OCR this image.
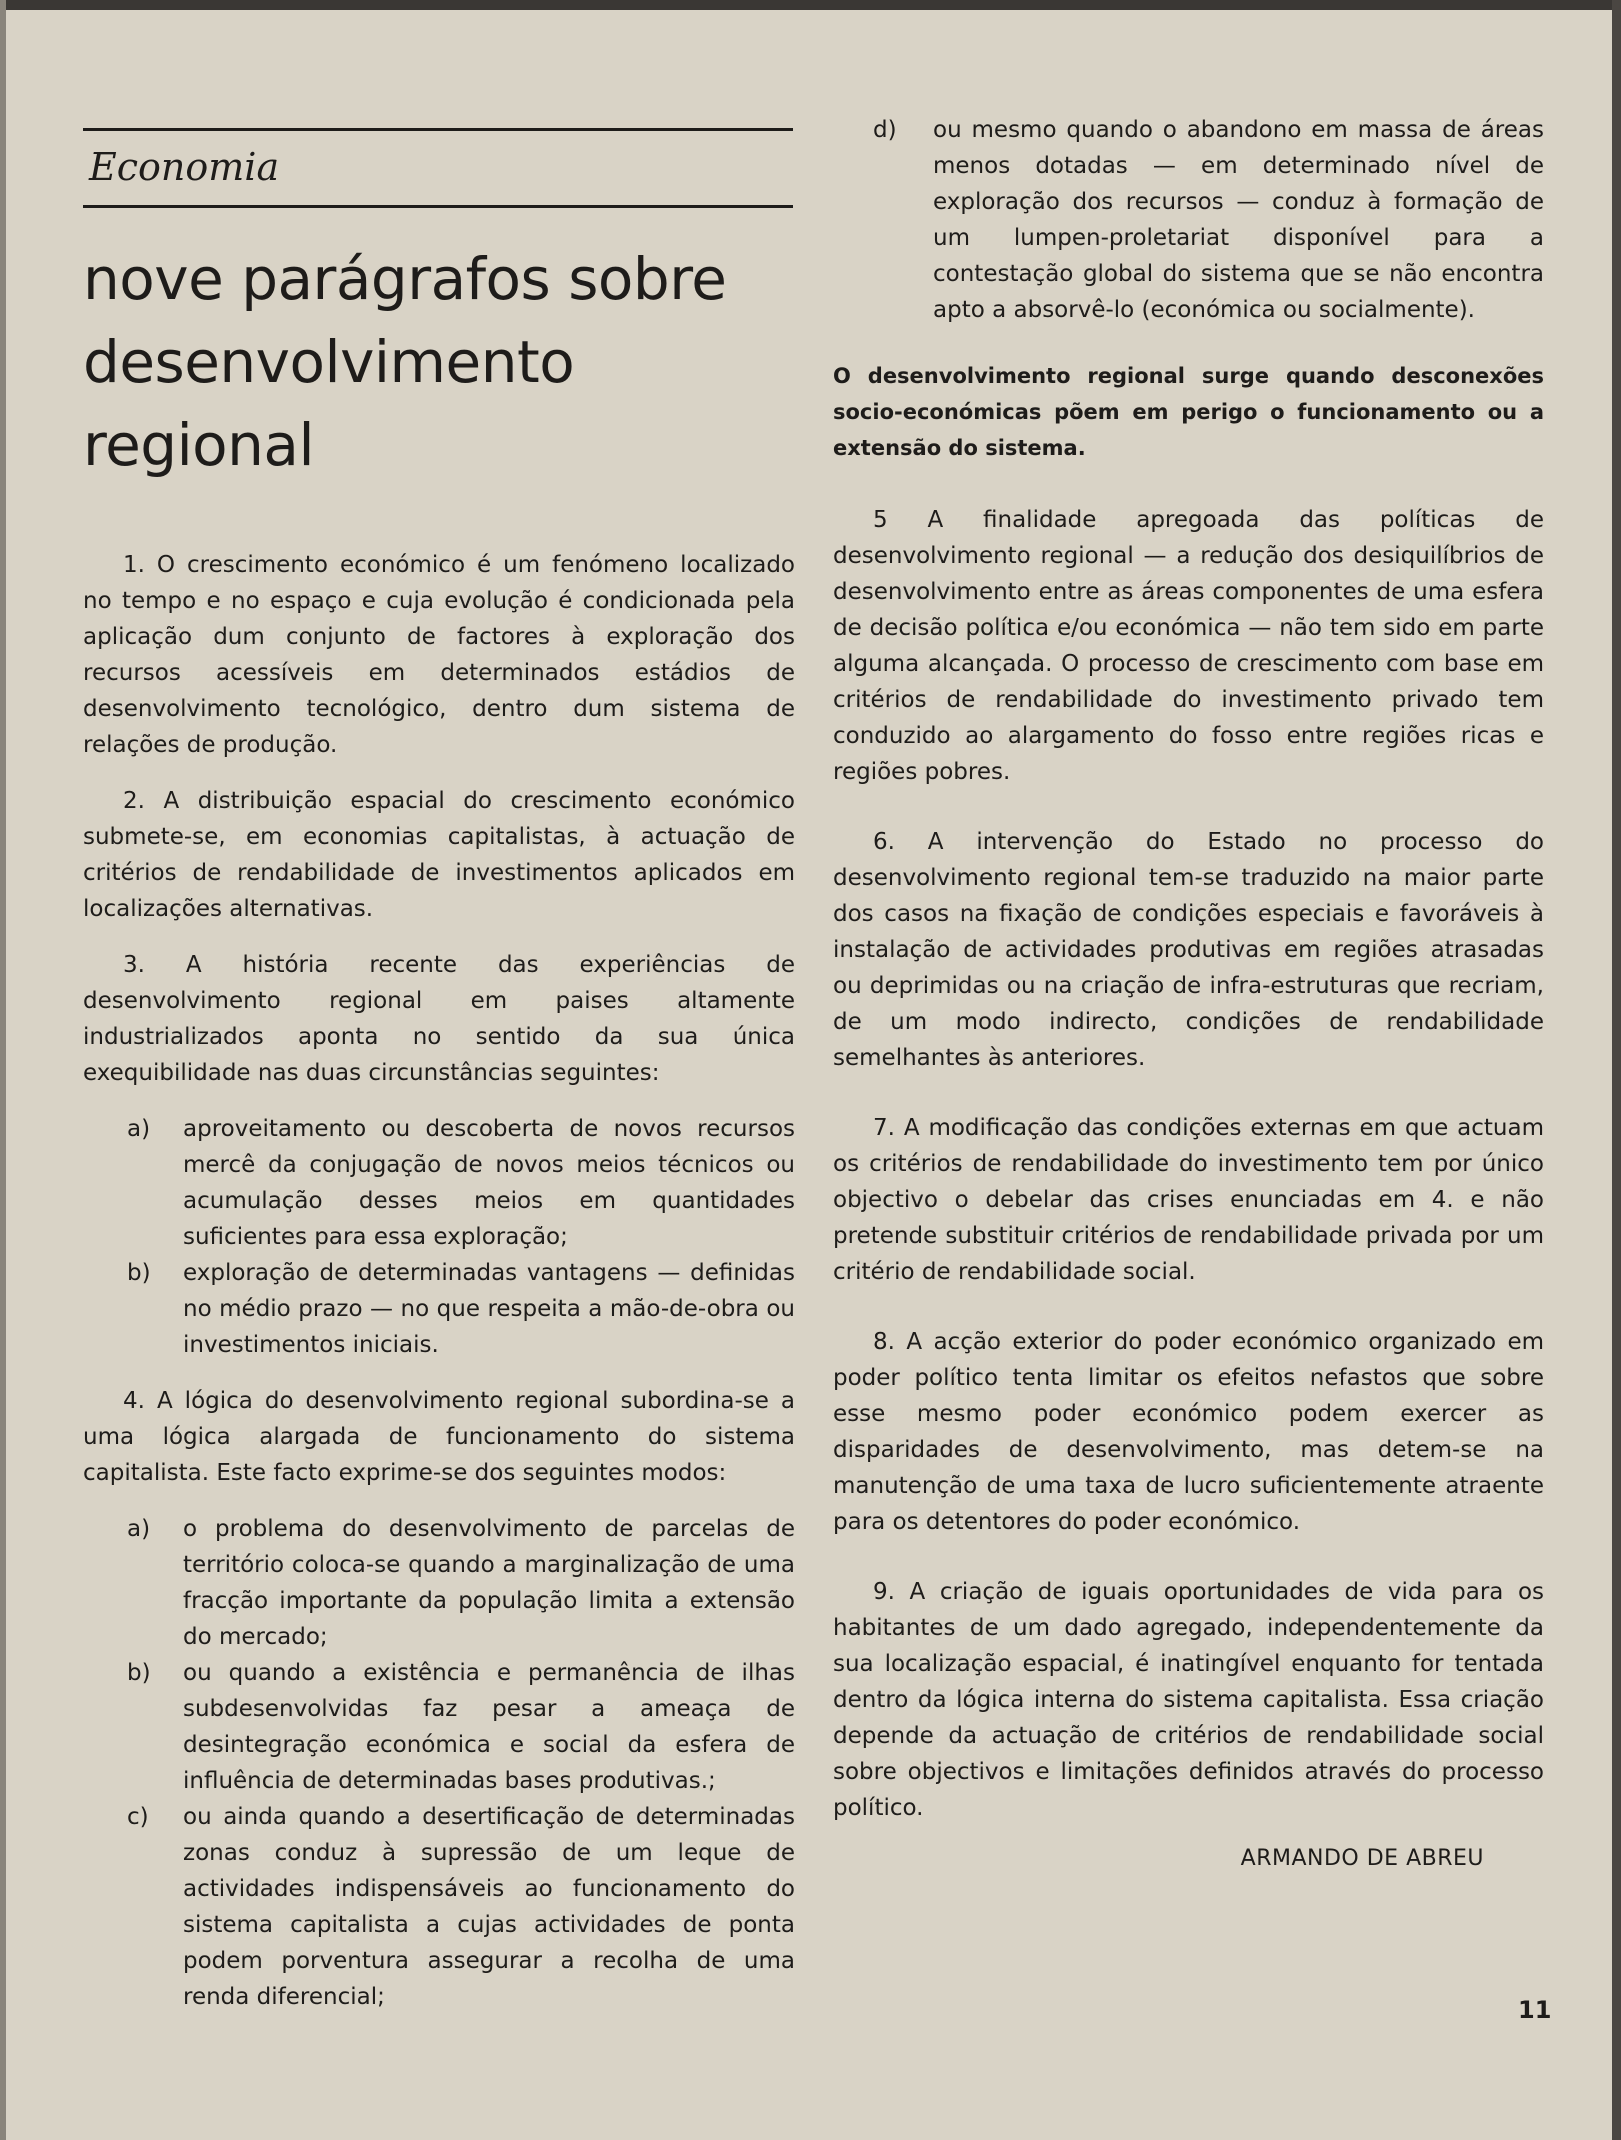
Economia
nove parágrafos sobre desenvolvimento regional

1. O crescimento económico é um fenómeno localizado no tempo e no espaço e cuja evolução é condicionada pela aplicação dum conjunto de factores à exploração dos recursos acessíveis em determinados estádios de desenvolvimento tecnológico, dentro dum sistema de relações de produção.

2. A distribuição espacial do crescimento económico submete-se, em economias capitalistas, à actuação de critérios de rendabilidade de investimentos aplicados em localizações alternativas.

3. A história recente das experiências de desenvolvimento regional em paises altamente industrializados aponta no sentido da sua única exequibilidade nas duas circunstâncias seguintes:

a)	aproveitamento ou descoberta de novos recursos mercê da conjugação de novos meios técnicos ou acumulação desses meios em quantidades suficientes para essa exploração;
b)	exploração de determinadas vantagens — definidas no médio prazo — no que respeita a mão-de-obra ou investimentos iniciais.

4. A lógica do desenvolvimento regional subordina-se a uma lógica alargada de funcionamento do sistema capitalista. Este facto exprime-se dos seguintes modos:

a)	o problema do desenvolvimento de parcelas de território coloca-se quando a marginalização de uma fracção importante da população limita a extensão do mercado;
b)	ou quando a existência e permanência de ilhas subdesenvolvidas faz pesar a ameaça de desintegração económica e social da esfera de influência de determinadas bases produtivas.;
c)	ou ainda quando a desertificação de determinadas zonas conduz à supressão de um leque de actividades indispensáveis ao funcionamento do sistema capitalista a cujas actividades de ponta podem porventura assegurar a recolha de uma renda diferencial;
d)	ou mesmo quando o abandono em massa de áreas menos dotadas — em determinado nível de exploração dos recursos — conduz à formação de um lumpen-proletariat disponível para a contestação global do sistema que se não encontra apto a absorvê-lo (económica ou socialmente).
O desenvolvimento regional surge quando desconexões socio-económicas põem em perigo o funcionamento ou a extensão do sistema.

5 A finalidade apregoada das políticas de desenvolvimento regional — a redução dos desiquilíbrios de desenvolvimento entre as áreas componentes de uma esfera de decisão política e/ou económica — não tem sido em parte alguma alcançada. O processo de crescimento com base em critérios de rendabilidade do investimento privado tem conduzido ao alargamento do fosso entre regiões ricas e regiões pobres.

6. A intervenção do Estado no processo do desenvolvimento regional tem-se traduzido na maior parte dos casos na fixação de condições especiais e favoráveis à instalação de actividades produtivas em regiões atrasadas ou deprimidas ou na criação de infra-estruturas que recriam, de um modo indirecto, condições de rendabilidade semelhantes às anteriores.

7. A modificação das condições externas em que actuam os critérios de rendabilidade do investimento tem por único objectivo o debelar das crises enunciadas em 4. e não pretende substituir critérios de rendabilidade privada por um critério de rendabilidade social.

8. A acção exterior do poder económico organizado em poder político tenta limitar os efeitos nefastos que sobre esse mesmo poder económico podem exercer as disparidades de desenvolvimento, mas detem-se na manutenção de uma taxa de lucro suficientemente atraente para os detentores do poder económico.

9. A criação de iguais oportunidades de vida para os habitantes de um dado agregado, independentemente da sua localização espacial, é inatingível enquanto for tentada dentro da lógica interna do sistema capitalista. Essa criação depende da actuação de critérios de rendabilidade social sobre objectivos e limitações definidos através do processo político.

ARMANDO DE ABREU
11
